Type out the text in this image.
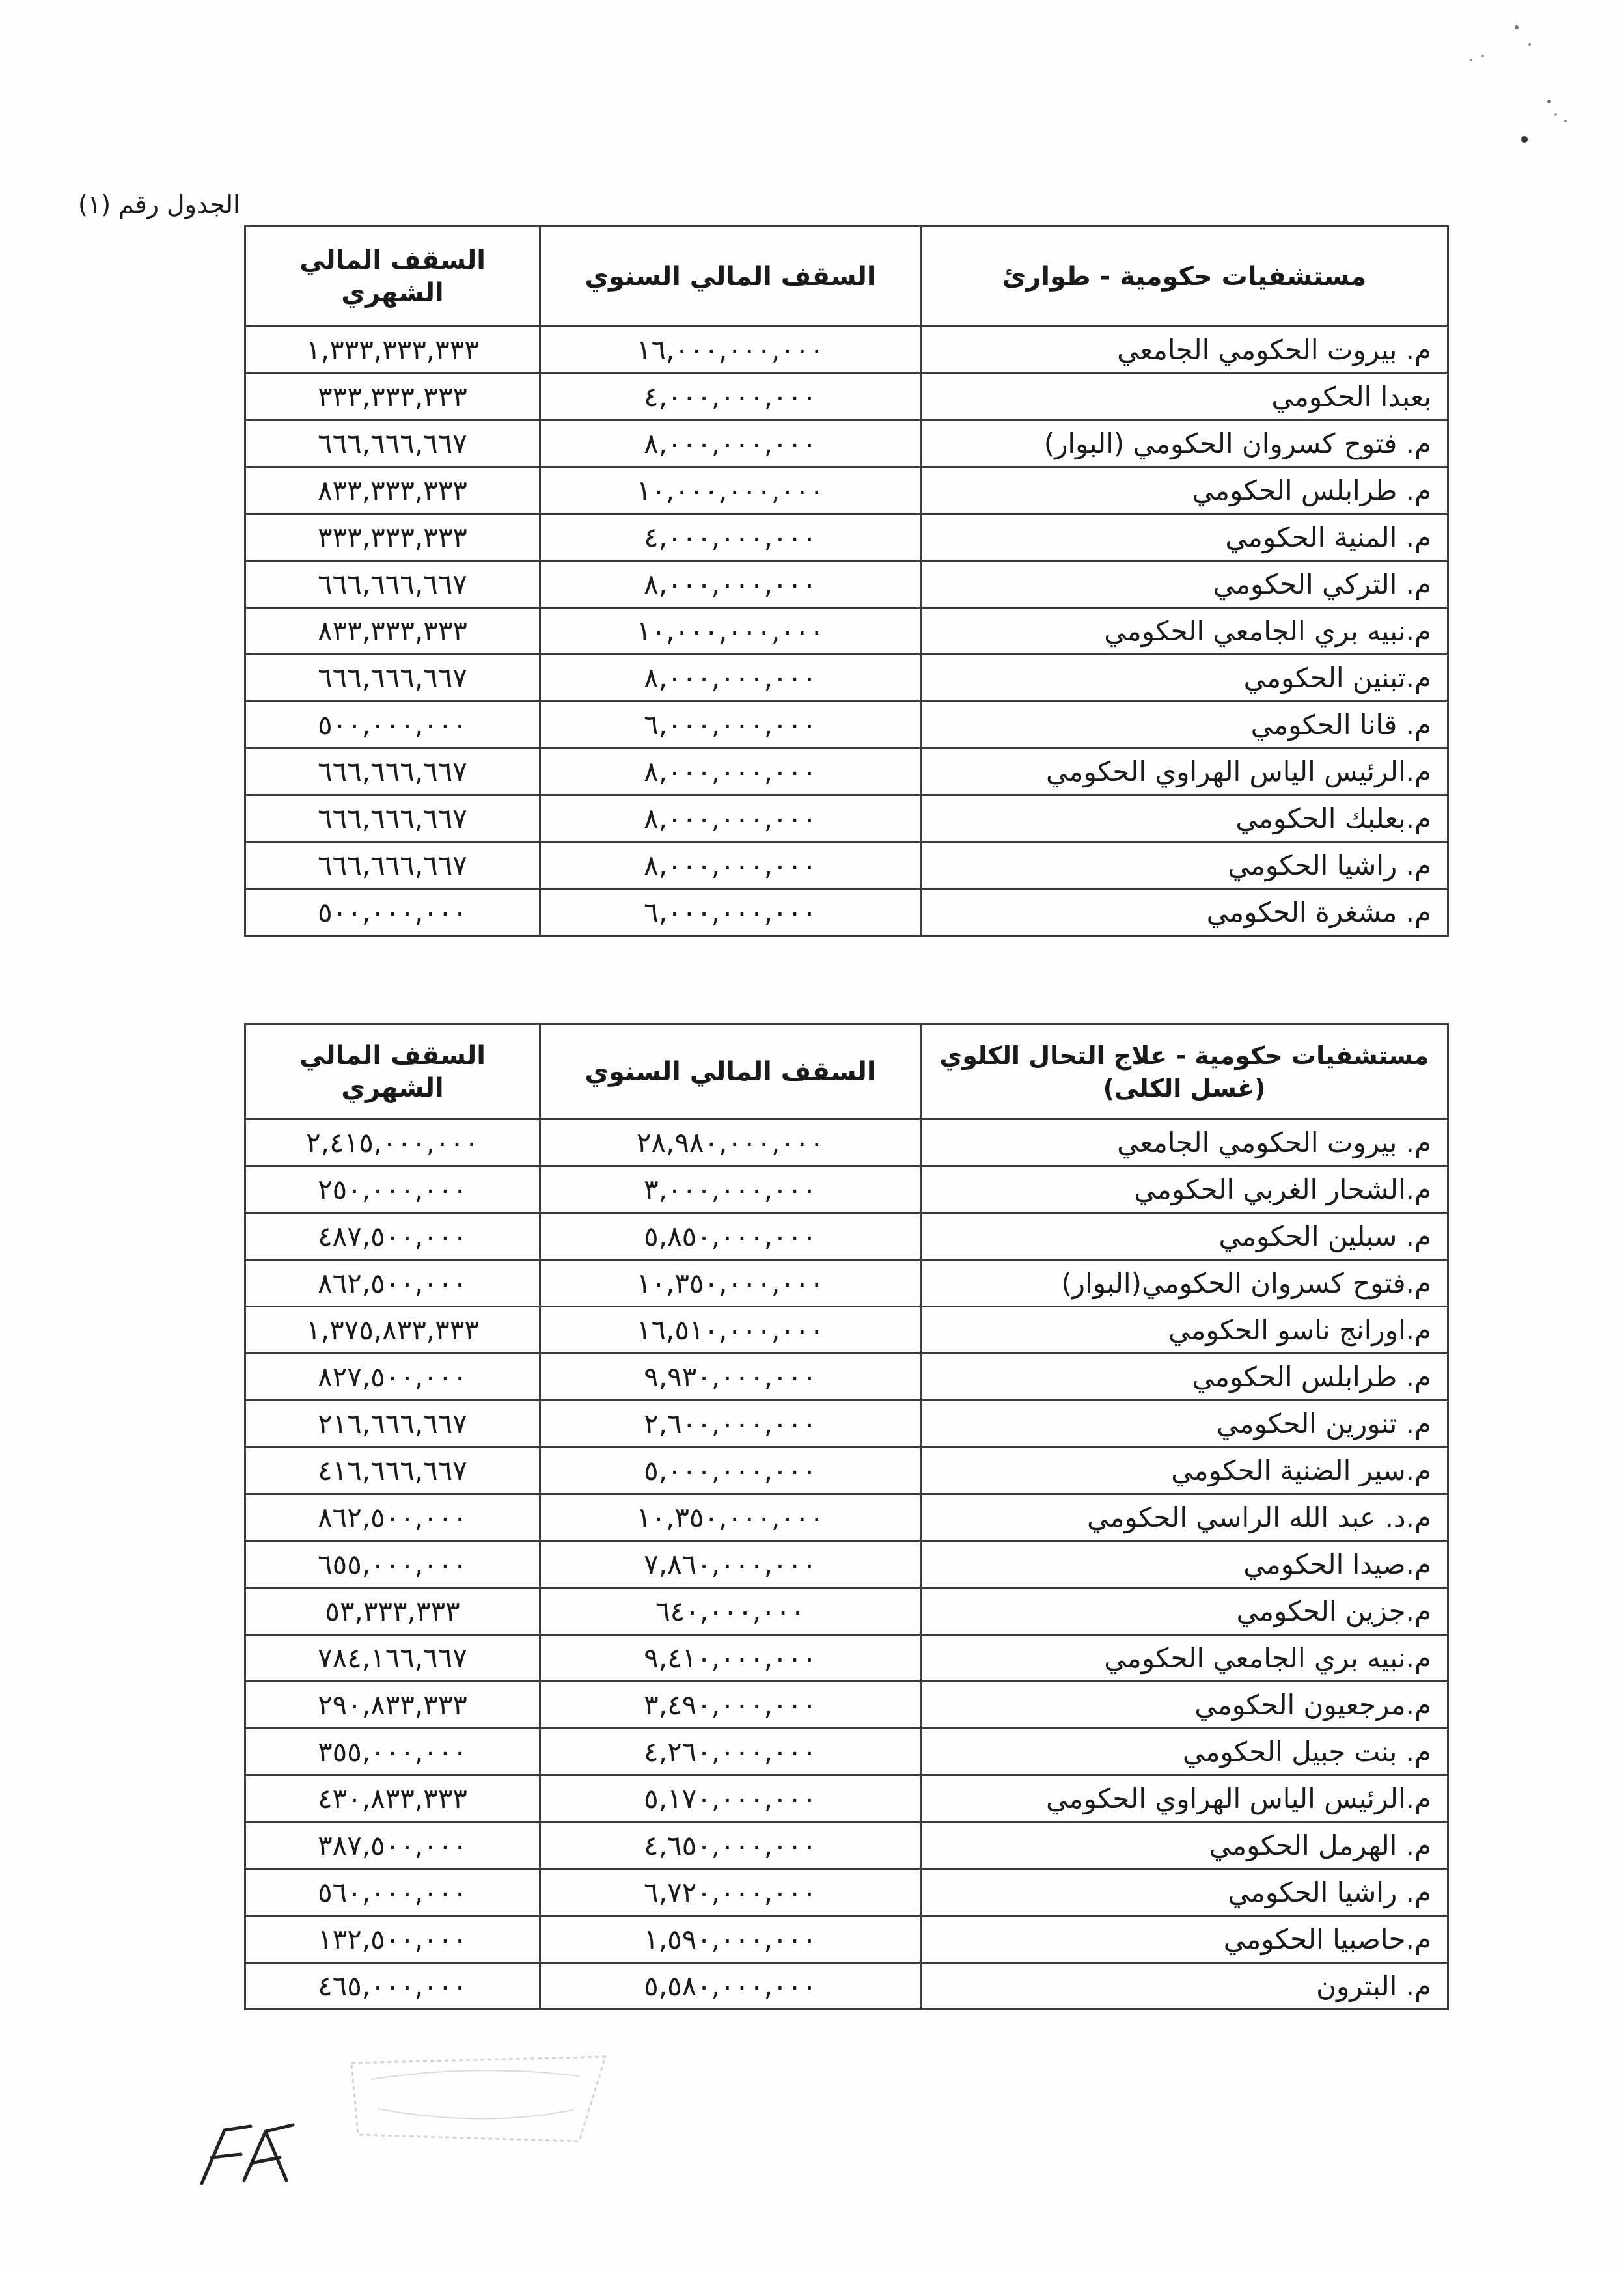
الجدول رقم (١)
مستشفيات حكومية - طوارئ	السقف المالي السنوي	السقف المالي الشهري
م. بيروت الحكومي الجامعي	١٦,٠٠٠,٠٠٠,٠٠٠	١,٣٣٣,٣٣٣,٣٣٣
بعبدا الحكومي	٤,٠٠٠,٠٠٠,٠٠٠	٣٣٣,٣٣٣,٣٣٣
م. فتوح كسروان الحكومي (البوار)	٨,٠٠٠,٠٠٠,٠٠٠	٦٦٦,٦٦٦,٦٦٧
م. طرابلس الحكومي	١٠,٠٠٠,٠٠٠,٠٠٠	٨٣٣,٣٣٣,٣٣٣
م. المنية الحكومي	٤,٠٠٠,٠٠٠,٠٠٠	٣٣٣,٣٣٣,٣٣٣
م. التركي الحكومي	٨,٠٠٠,٠٠٠,٠٠٠	٦٦٦,٦٦٦,٦٦٧
م.نبيه بري الجامعي الحكومي	١٠,٠٠٠,٠٠٠,٠٠٠	٨٣٣,٣٣٣,٣٣٣
م.تبنين الحكومي	٨,٠٠٠,٠٠٠,٠٠٠	٦٦٦,٦٦٦,٦٦٧
م. قانا الحكومي	٦,٠٠٠,٠٠٠,٠٠٠	٥٠٠,٠٠٠,٠٠٠
م.الرئيس الياس الهراوي الحكومي	٨,٠٠٠,٠٠٠,٠٠٠	٦٦٦,٦٦٦,٦٦٧
م.بعلبك الحكومي	٨,٠٠٠,٠٠٠,٠٠٠	٦٦٦,٦٦٦,٦٦٧
م. راشيا الحكومي	٨,٠٠٠,٠٠٠,٠٠٠	٦٦٦,٦٦٦,٦٦٧
م. مشغرة الحكومي	٦,٠٠٠,٠٠٠,٠٠٠	٥٠٠,٠٠٠,٠٠٠
مستشفيات حكومية - علاج التحال الكلوي (غسل الكلى)	السقف المالي السنوي	السقف المالي الشهري
م. بيروت الحكومي الجامعي	٢٨,٩٨٠,٠٠٠,٠٠٠	٢,٤١٥,٠٠٠,٠٠٠
م.الشحار الغربي الحكومي	٣,٠٠٠,٠٠٠,٠٠٠	٢٥٠,٠٠٠,٠٠٠
م. سبلين الحكومي	٥,٨٥٠,٠٠٠,٠٠٠	٤٨٧,٥٠٠,٠٠٠
م.فتوح كسروان الحكومي(البوار)	١٠,٣٥٠,٠٠٠,٠٠٠	٨٦٢,٥٠٠,٠٠٠
م.اورانج ناسو الحكومي	١٦,٥١٠,٠٠٠,٠٠٠	١,٣٧٥,٨٣٣,٣٣٣
م. طرابلس الحكومي	٩,٩٣٠,٠٠٠,٠٠٠	٨٢٧,٥٠٠,٠٠٠
م. تنورين الحكومي	٢,٦٠٠,٠٠٠,٠٠٠	٢١٦,٦٦٦,٦٦٧
م.سير الضنية الحكومي	٥,٠٠٠,٠٠٠,٠٠٠	٤١٦,٦٦٦,٦٦٧
م.د. عبد الله الراسي الحكومي	١٠,٣٥٠,٠٠٠,٠٠٠	٨٦٢,٥٠٠,٠٠٠
م.صيدا الحكومي	٧,٨٦٠,٠٠٠,٠٠٠	٦٥٥,٠٠٠,٠٠٠
م.جزين الحكومي	٦٤٠,٠٠٠,٠٠٠	٥٣,٣٣٣,٣٣٣
م.نبيه بري الجامعي الحكومي	٩,٤١٠,٠٠٠,٠٠٠	٧٨٤,١٦٦,٦٦٧
م.مرجعيون الحكومي	٣,٤٩٠,٠٠٠,٠٠٠	٢٩٠,٨٣٣,٣٣٣
م. بنت جبيل الحكومي	٤,٢٦٠,٠٠٠,٠٠٠	٣٥٥,٠٠٠,٠٠٠
م.الرئيس الياس الهراوي الحكومي	٥,١٧٠,٠٠٠,٠٠٠	٤٣٠,٨٣٣,٣٣٣
م. الهرمل الحكومي	٤,٦٥٠,٠٠٠,٠٠٠	٣٨٧,٥٠٠,٠٠٠
م. راشيا الحكومي	٦,٧٢٠,٠٠٠,٠٠٠	٥٦٠,٠٠٠,٠٠٠
م.حاصبيا الحكومي	١,٥٩٠,٠٠٠,٠٠٠	١٣٢,٥٠٠,٠٠٠
م. البترون	٥,٥٨٠,٠٠٠,٠٠٠	٤٦٥,٠٠٠,٠٠٠
